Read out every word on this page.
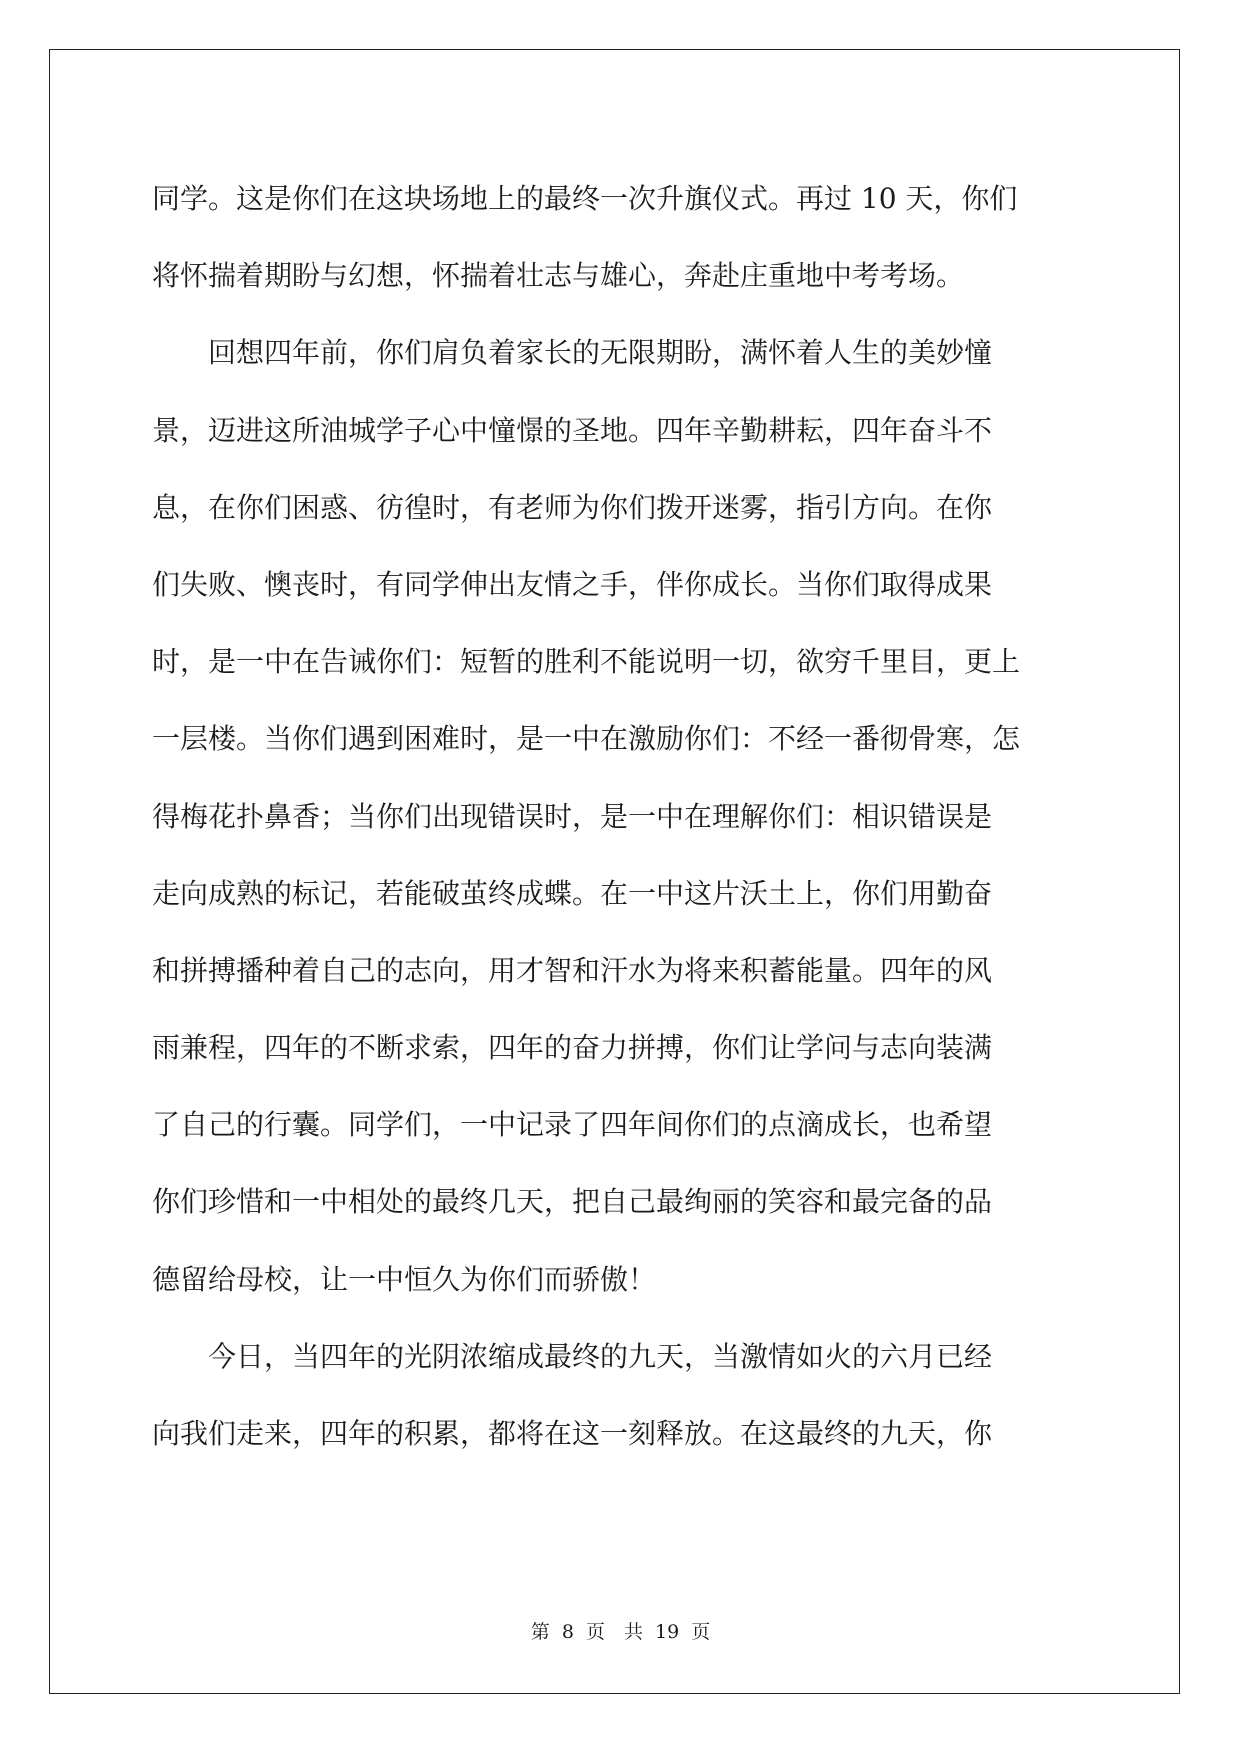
同学。这是你们在这块场地上的最终一次升旗仪式。再过 10 天，你们
将怀揣着期盼与幻想，怀揣着壮志与雄心，奔赴庄重地中考考场。
　　回想四年前，你们肩负着家长的无限期盼，满怀着人生的美妙憧
景，迈进这所油城学子心中憧憬的圣地。四年辛勤耕耘，四年奋斗不
息，在你们困惑、彷徨时，有老师为你们拨开迷雾，指引方向。在你
们失败、懊丧时，有同学伸出友情之手，伴你成长。当你们取得成果
时，是一中在告诫你们：短暂的胜利不能说明一切，欲穷千里目，更上
一层楼。当你们遇到困难时，是一中在激励你们：不经一番彻骨寒，怎
得梅花扑鼻香；当你们出现错误时，是一中在理解你们：相识错误是
走向成熟的标记，若能破茧终成蝶。在一中这片沃土上，你们用勤奋
和拼搏播种着自己的志向，用才智和汗水为将来积蓄能量。四年的风
雨兼程，四年的不断求索，四年的奋力拼搏，你们让学问与志向装满
了自己的行囊。同学们，一中记录了四年间你们的点滴成长，也希望
你们珍惜和一中相处的最终几天，把自己最绚丽的笑容和最完备的品
德留给母校，让一中恒久为你们而骄傲！
　　今日，当四年的光阴浓缩成最终的九天，当激情如火的六月已经
向我们走来，四年的积累，都将在这一刻释放。在这最终的九天，你
第 8 页　共 19 页
